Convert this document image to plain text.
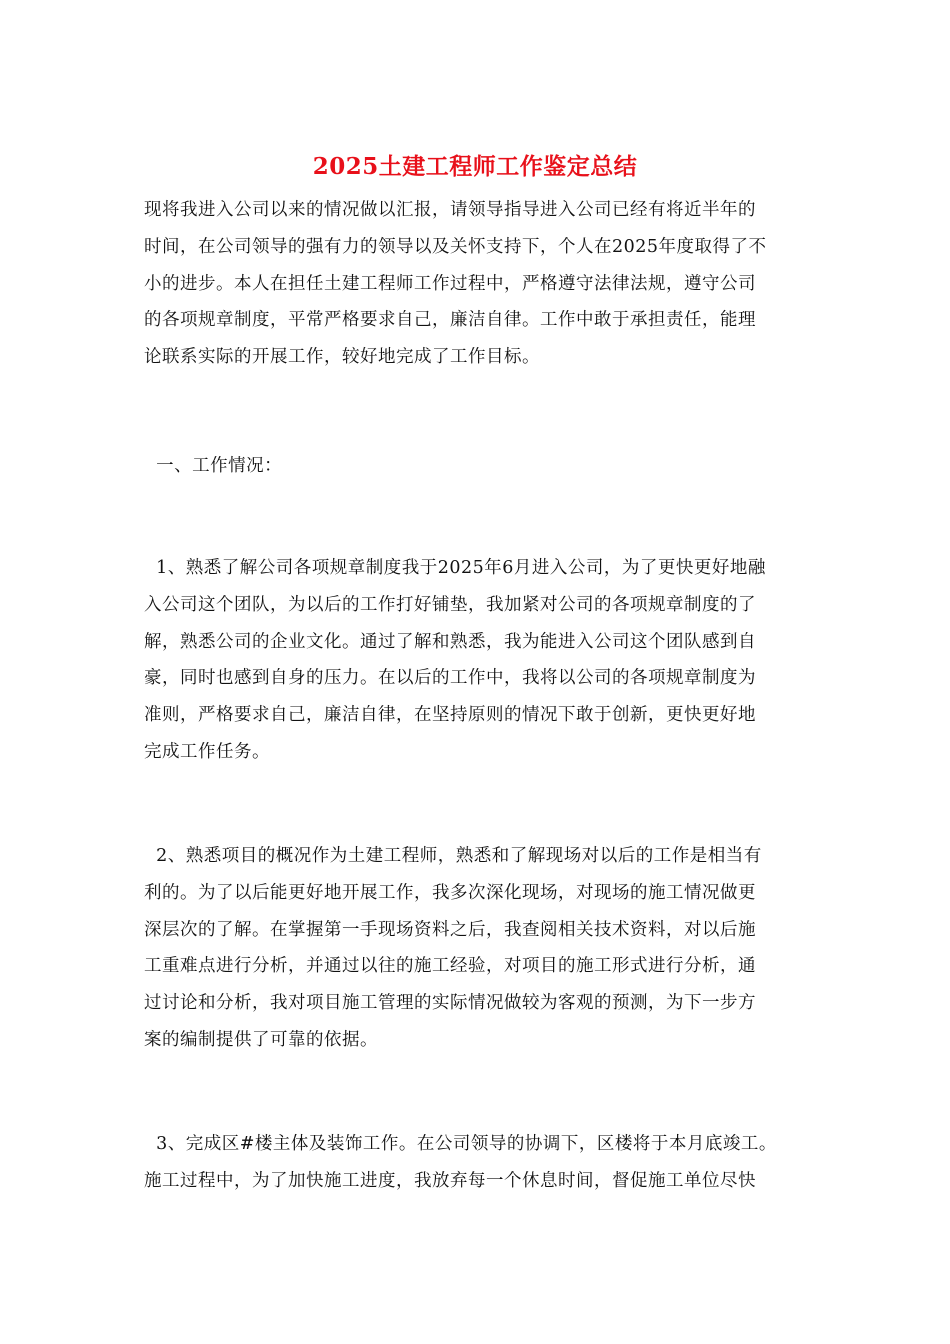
2025土建工程师工作鉴定总结
现将我进入公司以来的情况做以汇报，请领导指导进入公司已经有将近半年的
时间，在公司领导的强有力的领导以及关怀支持下，个人在2025年度取得了不
小的进步。本人在担任土建工程师工作过程中，严格遵守法律法规，遵守公司
的各项规章制度，平常严格要求自己，廉洁自律。工作中敢于承担责任，能理
论联系实际的开展工作，较好地完成了工作目标。
一、工作情况：
1、熟悉了解公司各项规章制度我于2025年6月进入公司，为了更快更好地融
入公司这个团队，为以后的工作打好铺垫，我加紧对公司的各项规章制度的了
解，熟悉公司的企业文化。通过了解和熟悉，我为能进入公司这个团队感到自
豪，同时也感到自身的压力。在以后的工作中，我将以公司的各项规章制度为
准则，严格要求自己，廉洁自律，在坚持原则的情况下敢于创新，更快更好地
完成工作任务。
2、熟悉项目的概况作为土建工程师，熟悉和了解现场对以后的工作是相当有
利的。为了以后能更好地开展工作，我多次深化现场，对现场的施工情况做更
深层次的了解。在掌握第一手现场资料之后，我查阅相关技术资料，对以后施
工重难点进行分析，并通过以往的施工经验，对项目的施工形式进行分析，通
过讨论和分析，我对项目施工管理的实际情况做较为客观的预测，为下一步方
案的编制提供了可靠的依据。
3、完成区#楼主体及装饰工作。在公司领导的协调下，区楼将于本月底竣工。
施工过程中，为了加快施工进度，我放弃每一个休息时间，督促施工单位尽快
